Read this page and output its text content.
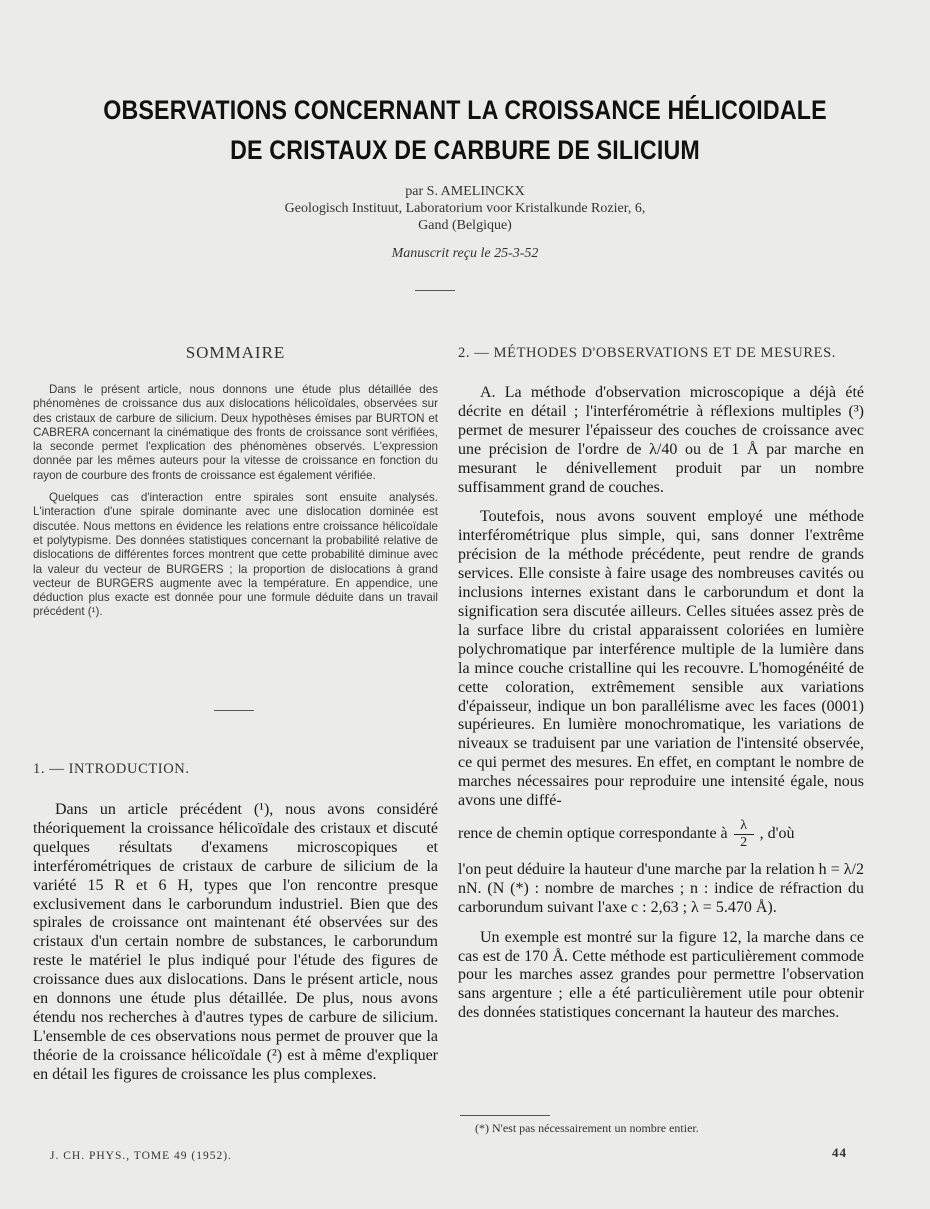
OBSERVATIONS CONCERNANT LA CROISSANCE HÉLICOIDALE
DE CRISTAUX DE CARBURE DE SILICIUM
par S. AMELINCKX
Geologisch Instituut, Laboratorium voor Kristalkunde Rozier, 6,
Gand (Belgique)
Manuscrit reçu le 25-3-52
SOMMAIRE

Dans le présent article, nous donnons une étude plus détaillée des phénomènes de croissance dus aux dislocations hélicoïdales, observées sur des cristaux de carbure de silicium. Deux hypothèses émises par BURTON et CABRERA concernant la cinématique des fronts de croissance sont vérifiées, la seconde permet l'explication des phénomènes observés. L'expression donnée par les mêmes auteurs pour la vitesse de croissance en fonction du rayon de courbure des fronts de croissance est également vérifiée.

Quelques cas d'interaction entre spirales sont ensuite analysés. L'interaction d'une spirale dominante avec une dislocation dominée est discutée. Nous mettons en évidence les relations entre croissance hélicoïdale et polytypisme. Des données statistiques concernant la probabilité relative de dislocations de différentes forces montrent que cette probabilité diminue avec la valeur du vecteur de BURGERS ; la proportion de dislocations à grand vecteur de BURGERS augmente avec la température. En appendice, une déduction plus exacte est donnée pour une formule déduite dans un travail précédent (¹).

1. — INTRODUCTION.

Dans un article précédent (¹), nous avons considéré théoriquement la croissance hélicoïdale des cristaux et discuté quelques résultats d'examens microscopiques et interférométriques de cristaux de carbure de silicium de la variété 15 R et 6 H, types que l'on rencontre presque exclusivement dans le carborundum industriel. Bien que des spirales de croissance ont maintenant été observées sur des cristaux d'un certain nombre de substances, le carborundum reste le matériel le plus indiqué pour l'étude des figures de croissance dues aux dislocations. Dans le présent article, nous en donnons une étude plus détaillée. De plus, nous avons étendu nos recherches à d'autres types de carbure de silicium. L'ensemble de ces observations nous permet de prouver que la théorie de la croissance hélicoïdale (²) est à même d'expliquer en détail les figures de croissance les plus complexes.

J. CH. PHYS., TOME 49 (1952).
2. — MÉTHODES D'OBSERVATIONS ET DE MESURES.

A. La méthode d'observation microscopique a déjà été décrite en détail ; l'interférométrie à réflexions multiples (³) permet de mesurer l'épaisseur des couches de croissance avec une précision de l'ordre de λ/40 ou de 1 Å par marche en mesurant le dénivellement produit par un nombre suffisamment grand de couches.

Toutefois, nous avons souvent employé une méthode interférométrique plus simple, qui, sans donner l'extrême précision de la méthode précédente, peut rendre de grands services. Elle consiste à faire usage des nombreuses cavités ou inclusions internes existant dans le carborundum et dont la signification sera discutée ailleurs. Celles situées assez près de la surface libre du cristal apparaissent coloriées en lumière polychromatique par interférence multiple de la lumière dans la mince couche cristalline qui les recouvre. L'homogénéité de cette coloration, extrêmement sensible aux variations d'épaisseur, indique un bon parallélisme avec les faces (0001) supérieures. En lumière monochromatique, les variations de niveaux se traduisent par une variation de l'intensité observée, ce qui permet des mesures. En effet, en comptant le nombre de marches nécessaires pour reproduire une intensité égale, nous avons une diffé-

rence de chemin optique correspondante à λ
2
, d'où

l'on peut déduire la hauteur d'une marche par la relation h = λ/2 nN. (N (*) : nombre de marches ; n : indice de réfraction du carborundum suivant l'axe c : 2,63 ; λ = 5.470 Å).

Un exemple est montré sur la figure 12, la marche dans ce cas est de 170 Å. Cette méthode est particulièrement commode pour les marches assez grandes pour permettre l'observation sans argenture ; elle a été particulièrement utile pour obtenir des données statistiques concernant la hauteur des marches.

(*) N'est pas nécessairement un nombre entier.
44
